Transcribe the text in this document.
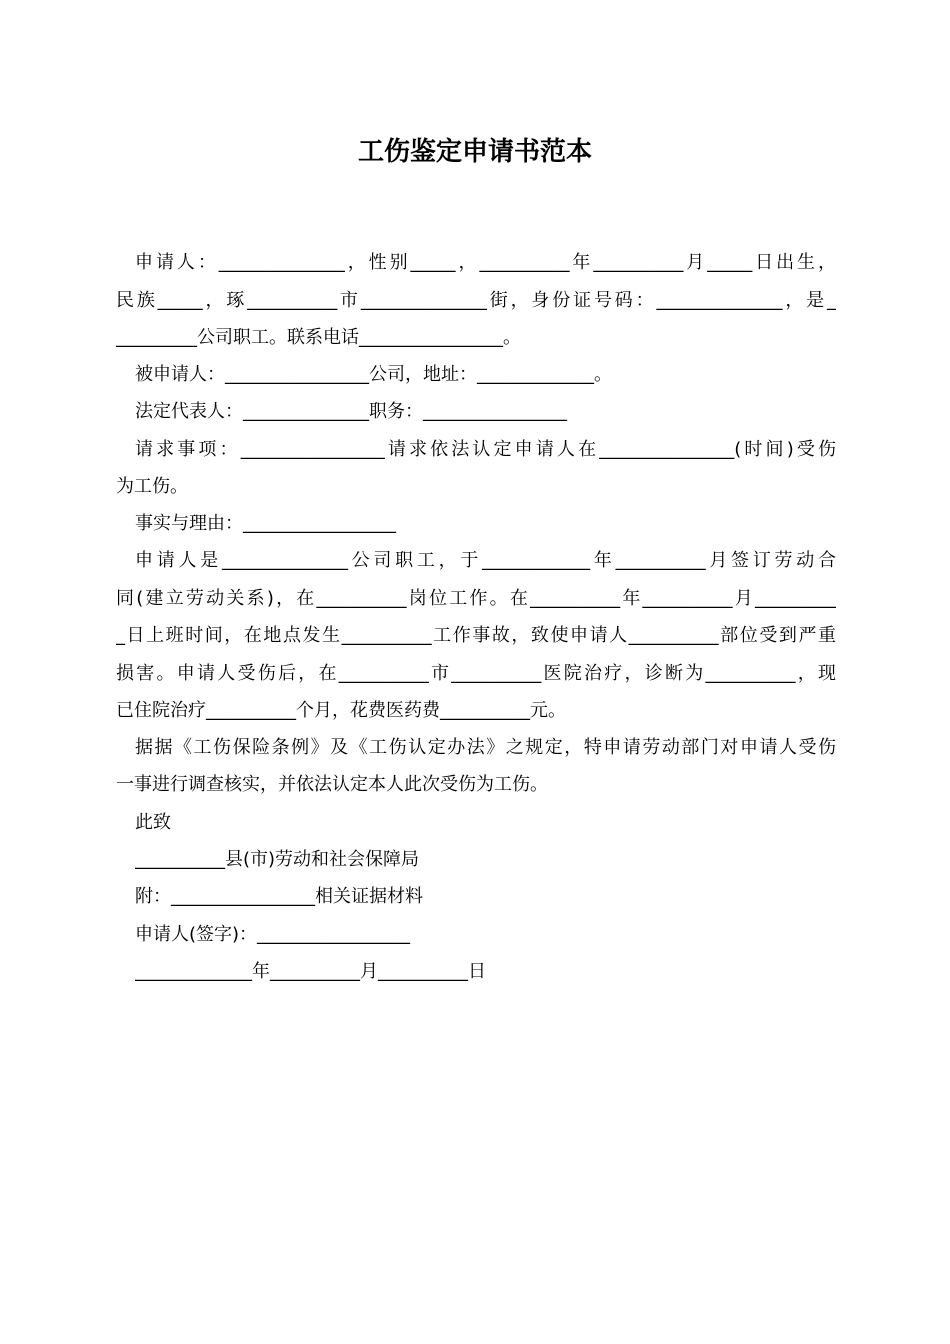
工伤鉴定申请书范本
申请人：______________，性别_____，__________年__________月_____日出生，
民族_____，琢__________市______________街，身份证号码：______________，是_
_________公司职工。联系电话________________。
被申请人：________________公司，地址：_____________。
法定代表人：______________职务：________________
请求事项：________________请求依法认定申请人在_______________(时间)受伤
为工伤。
事实与理由：_________________
申请人是______________公司职工，于____________年__________月签订劳动合
同(建立劳动关系)，在__________岗位工作。在__________年__________月_________
_日上班时间，在地点发生__________工作事故，致使申请人__________部位受到严重
损害。申请人受伤后，在__________市__________医院治疗，诊断为__________，现
已住院治疗__________个月，花费医药费__________元。
据据《工伤保险条例》及《工伤认定办法》之规定，特申请劳动部门对申请人受伤
一事进行调查核实，并依法认定本人此次受伤为工伤。
此致
__________县(市)劳动和社会保障局
附：________________相关证据材料
申请人(签字)：_________________
_____________年__________月__________日
